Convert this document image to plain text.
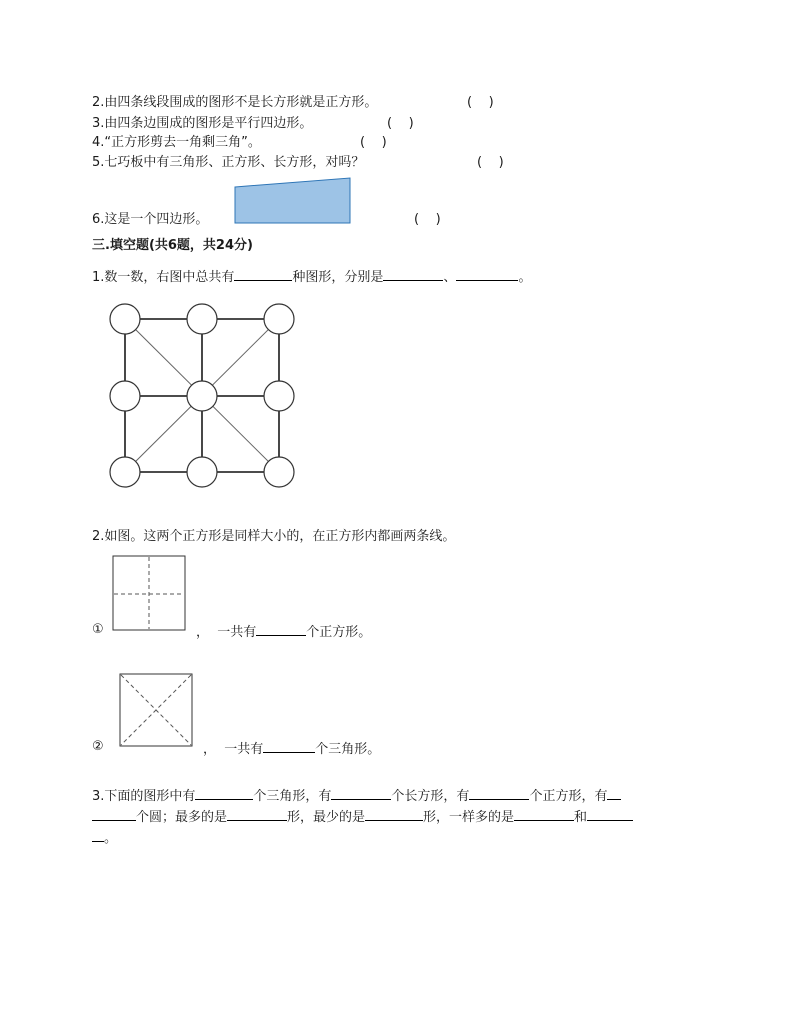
2.由四条线段围成的图形不是长方形就是正方形。	(    )
3.由四条边围成的图形是平行四边形。	(    )
4.“正方形剪去一角剩三角”。	(    )
5.七巧板中有三角形、正方形、长方形，对吗？	(    )
6.这是一个四边形。	(    )
三.填空题(共6题，共24分)
1.数一数，右图中总共有	种图形，分别是	、	。
2.如图。这两个正方形是同样大小的，在正方形内都画两条线。
①	， 一共有	个正方形。
②	， 一共有	个三角形。
3.下面的图形中有	个三角形，有	个长方形，有	个正方形，有
个圆；最多的是	形，最少的是	形，一样多的是	和
。
